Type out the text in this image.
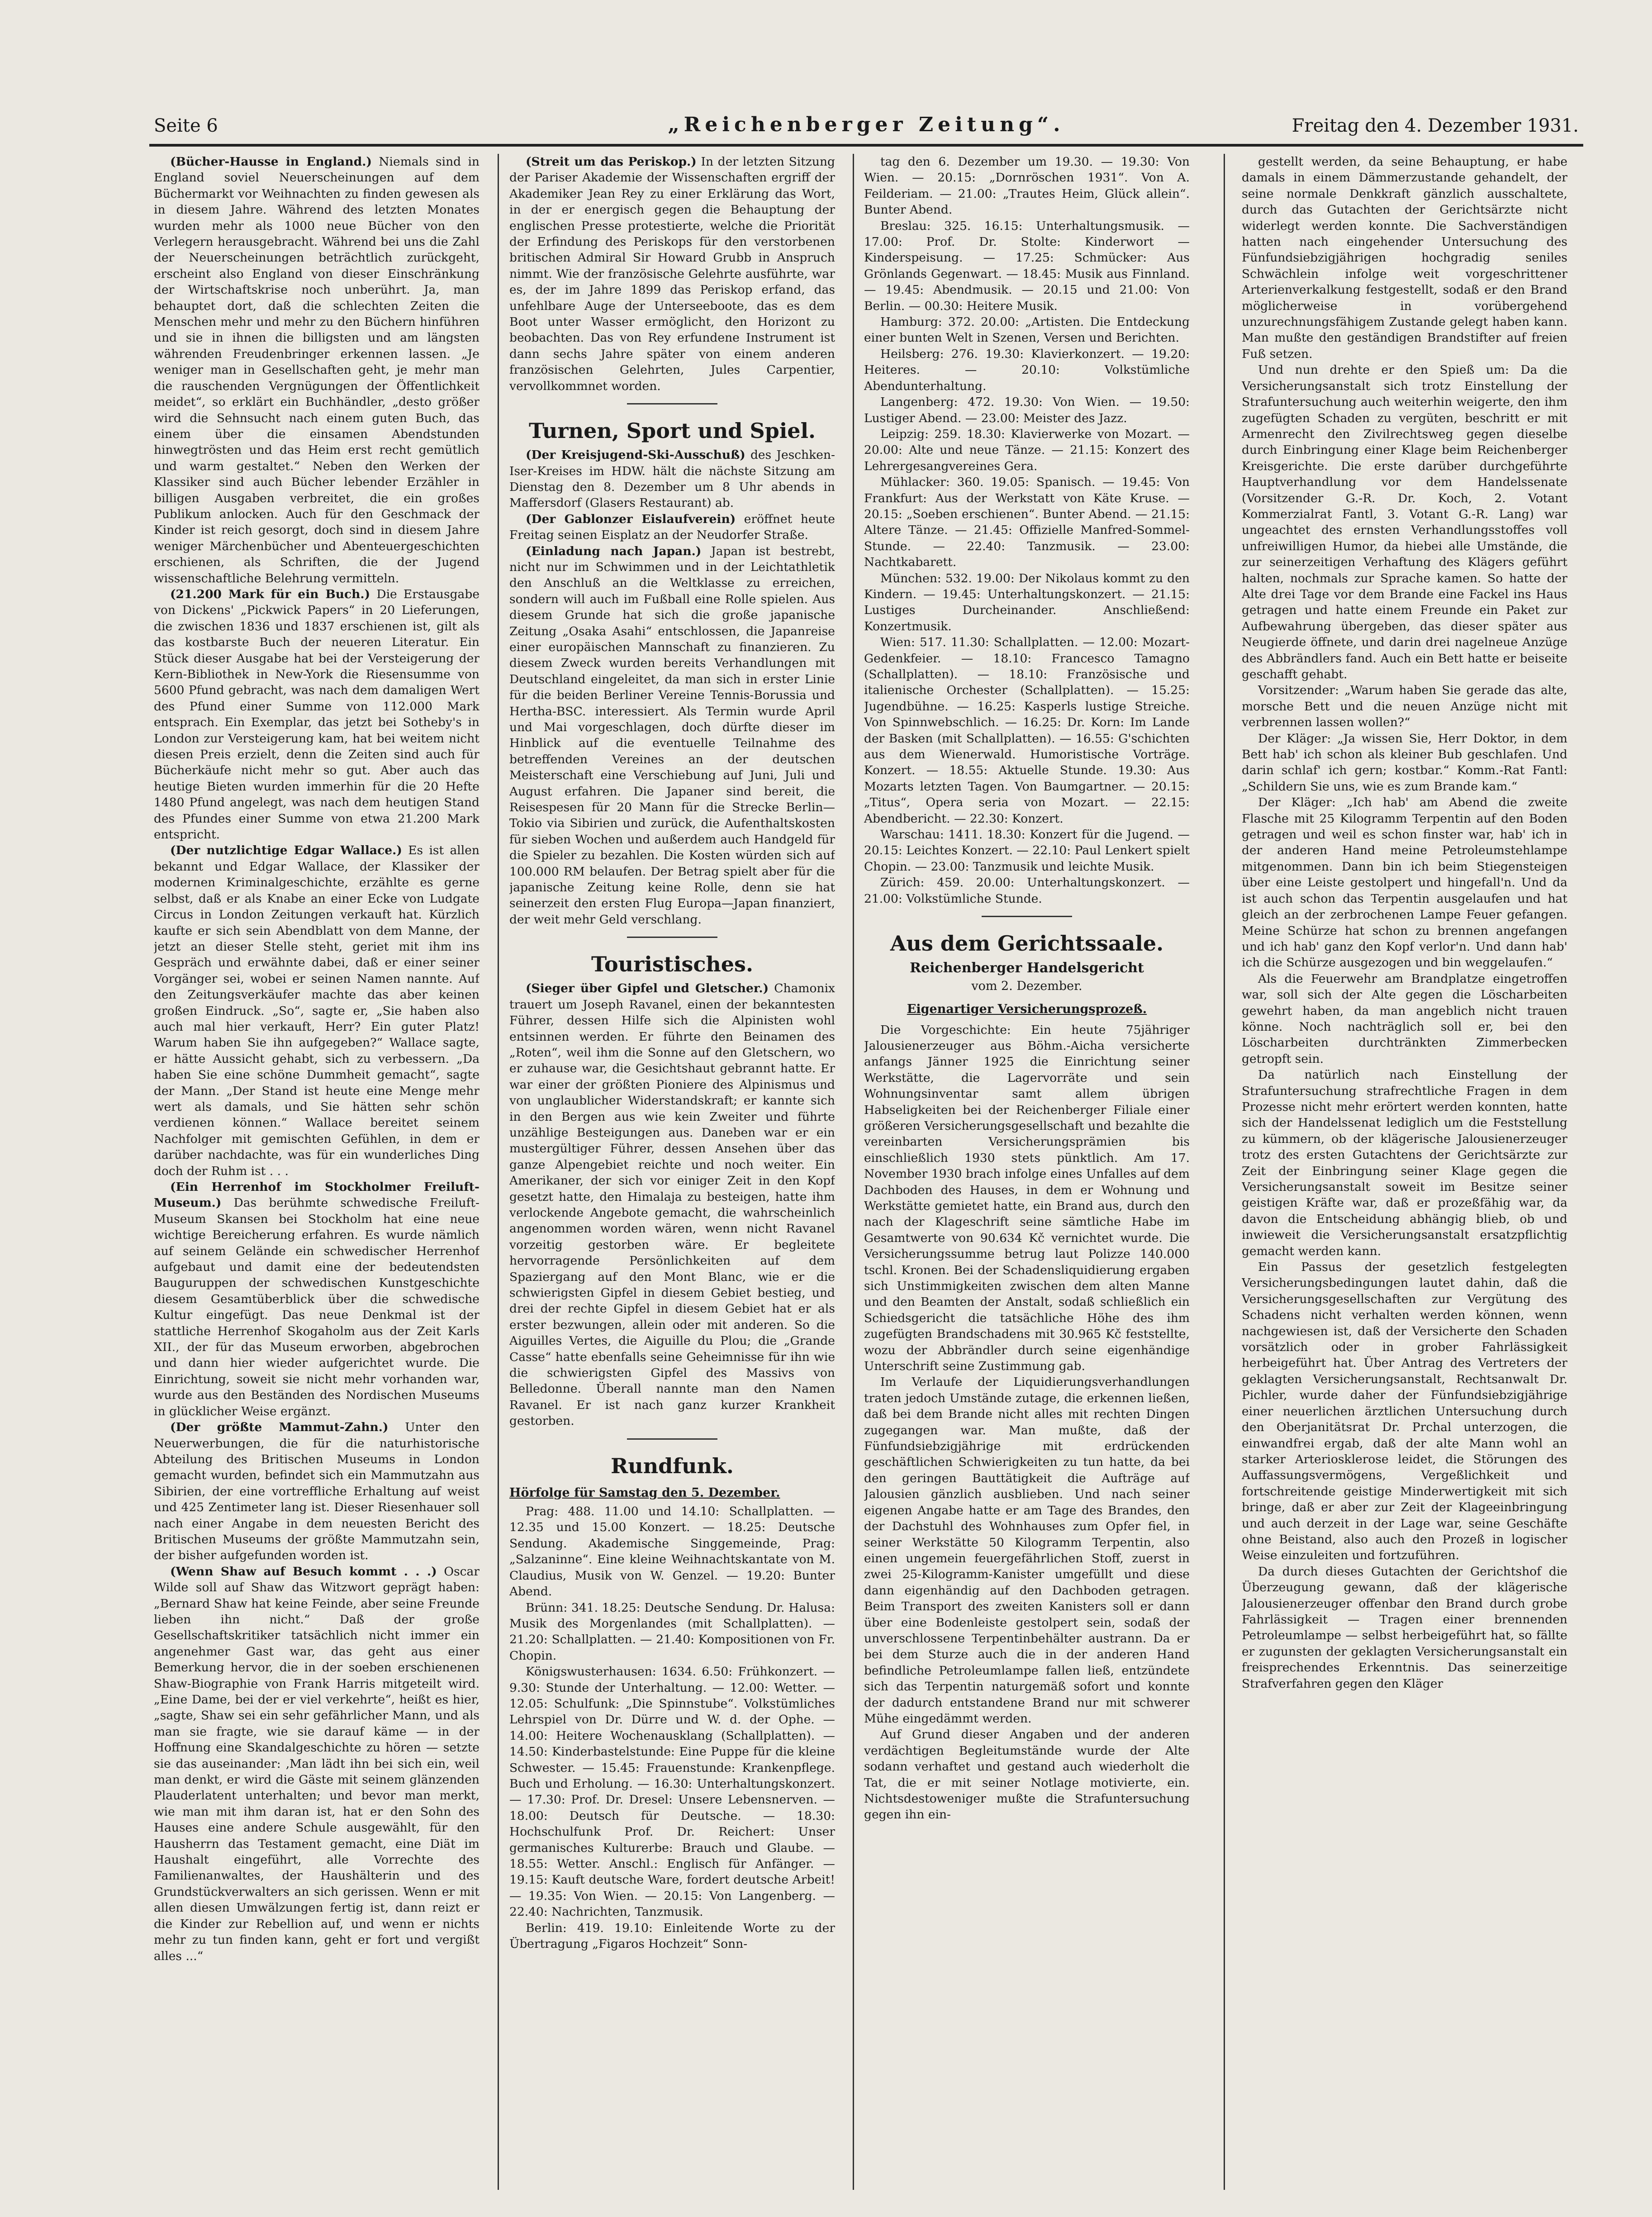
Seite 6	„Reichenberger Zeitung“.	Freitag den 4. Dezember 1931.

(Bücher-Hausse in England.) Niemals sind in England soviel Neuerscheinungen auf dem Büchermarkt vor Weihnachten zu finden gewesen als in diesem Jahre. Während des letzten Monates wurden mehr als 1000 neue Bücher von den Verlegern herausgebracht. Während bei uns die Zahl der Neuerscheinungen beträchtlich zurückgeht, erscheint also England von dieser Einschränkung der Wirtschaftskrise noch unberührt. Ja, man behauptet dort, daß die schlechten Zeiten die Menschen mehr und mehr zu den Büchern hinführen und sie in ihnen die billigsten und am längsten währenden Freudenbringer erkennen lassen. „Je weniger man in Gesellschaften geht, je mehr man die rauschenden Vergnügungen der Öffentlichkeit meidet“, so erklärt ein Buchhändler, „desto größer wird die Sehnsucht nach einem guten Buch, das einem über die einsamen Abendstunden hinwegtrösten und das Heim erst recht gemütlich und warm gestaltet.“ Neben den Werken der Klassiker sind auch Bücher lebender Erzähler in billigen Ausgaben verbreitet, die ein großes Publikum anlocken. Auch für den Geschmack der Kinder ist reich gesorgt, doch sind in diesem Jahre weniger Märchenbücher und Abenteuergeschichten erschienen, als Schriften, die der Jugend wissenschaftliche Belehrung vermitteln.

(21.200 Mark für ein Buch.) Die Erstausgabe von Dickens' „Pickwick Papers“ in 20 Lieferungen, die zwischen 1836 und 1837 erschienen ist, gilt als das kostbarste Buch der neueren Literatur. Ein Stück dieser Ausgabe hat bei der Versteigerung der Kern-Bibliothek in New-York die Riesensumme von 5600 Pfund gebracht, was nach dem damaligen Wert des Pfund einer Summe von 112.000 Mark entsprach. Ein Exemplar, das jetzt bei Sotheby's in London zur Versteigerung kam, hat bei weitem nicht diesen Preis erzielt, denn die Zeiten sind auch für Bücherkäufe nicht mehr so gut. Aber auch das heutige Bieten wurden immerhin für die 20 Hefte 1480 Pfund angelegt, was nach dem heutigen Stand des Pfundes einer Summe von etwa 21.200 Mark entspricht.

(Der nutzlichtige Edgar Wallace.) Es ist allen bekannt und Edgar Wallace, der Klassiker der modernen Kriminalgeschichte, erzählte es gerne selbst, daß er als Knabe an einer Ecke von Ludgate Circus in London Zeitungen verkauft hat. Kürzlich kaufte er sich sein Abendblatt von dem Manne, der jetzt an dieser Stelle steht, geriet mit ihm ins Gespräch und erwähnte dabei, daß er einer seiner Vorgänger sei, wobei er seinen Namen nannte. Auf den Zeitungsverkäufer machte das aber keinen großen Eindruck. „So“, sagte er, „Sie haben also auch mal hier verkauft, Herr? Ein guter Platz! Warum haben Sie ihn aufgegeben?“ Wallace sagte, er hätte Aussicht gehabt, sich zu verbessern. „Da haben Sie eine schöne Dummheit gemacht“, sagte der Mann. „Der Stand ist heute eine Menge mehr wert als damals, und Sie hätten sehr schön verdienen können.“ Wallace bereitet seinem Nachfolger mit gemischten Gefühlen, in dem er darüber nachdachte, was für ein wunderliches Ding doch der Ruhm ist . . .

(Ein Herrenhof im Stockholmer Freiluft-Museum.) Das berühmte schwedische Freiluft-Museum Skansen bei Stockholm hat eine neue wichtige Bereicherung erfahren. Es wurde nämlich auf seinem Gelände ein schwedischer Herrenhof aufgebaut und damit eine der bedeutendsten Bauguruppen der schwedischen Kunstgeschichte diesem Gesamtüberblick über die schwedische Kultur eingefügt. Das neue Denkmal ist der stattliche Herrenhof Skogaholm aus der Zeit Karls XII., der für das Museum erworben, abgebrochen und dann hier wieder aufgerichtet wurde. Die Einrichtung, soweit sie nicht mehr vorhanden war, wurde aus den Beständen des Nordischen Museums in glücklicher Weise ergänzt.

(Der größte Mammut-Zahn.) Unter den Neuerwerbungen, die für die naturhistorische Abteilung des Britischen Museums in London gemacht wurden, befindet sich ein Mammutzahn aus Sibirien, der eine vortreffliche Erhaltung auf weist und 425 Zentimeter lang ist. Dieser Riesenhauer soll nach einer Angabe in dem neuesten Bericht des Britischen Museums der größte Mammutzahn sein, der bisher aufgefunden worden ist.

(Wenn Shaw auf Besuch kommt . . .) Oscar Wilde soll auf Shaw das Witzwort geprägt haben: „Bernard Shaw hat keine Feinde, aber seine Freunde lieben ihn nicht.“ Daß der große Gesellschaftskritiker tatsächlich nicht immer ein angenehmer Gast war, das geht aus einer Bemerkung hervor, die in der soeben erschienenen Shaw-Biographie von Frank Harris mitgeteilt wird. „Eine Dame, bei der er viel verkehrte“, heißt es hier, „sagte, Shaw sei ein sehr gefährlicher Mann, und als man sie fragte, wie sie darauf käme — in der Hoffnung eine Skandalgeschichte zu hören — setzte sie das auseinander: ‚Man lädt ihn bei sich ein, weil man denkt, er wird die Gäste mit seinem glänzenden Plauderlatent unterhalten; und bevor man merkt, wie man mit ihm daran ist, hat er den Sohn des Hauses eine andere Schule ausgewählt, für den Hausherrn das Testament gemacht, eine Diät im Haushalt eingeführt, alle Vorrechte des Familienanwaltes, der Haushälterin und des Grundstückverwalters an sich gerissen. Wenn er mit allen diesen Umwälzungen fertig ist, dann reizt er die Kinder zur Rebellion auf, und wenn er nichts mehr zu tun finden kann, geht er fort und vergißt alles ...“

(Streit um das Periskop.) In der letzten Sitzung der Pariser Akademie der Wissenschaften ergriff der Akademiker Jean Rey zu einer Erklärung das Wort, in der er energisch gegen die Behauptung der englischen Presse protestierte, welche die Priorität der Erfindung des Periskops für den verstorbenen britischen Admiral Sir Howard Grubb in Anspruch nimmt. Wie der französische Gelehrte ausführte, war es, der im Jahre 1899 das Periskop erfand, das unfehlbare Auge der Unterseeboote, das es dem Boot unter Wasser ermöglicht, den Horizont zu beobachten. Das von Rey erfundene Instrument ist dann sechs Jahre später von einem anderen französischen Gelehrten, Jules Carpentier, vervollkommnet worden.

Turnen, Sport und Spiel.

(Der Kreisjugend-Ski-Ausschuß) des Jeschken-Iser-Kreises im HDW. hält die nächste Sitzung am Dienstag den 8. Dezember um 8 Uhr abends in Maffersdorf (Glasers Restaurant) ab.

(Der Gablonzer Eislaufverein) eröffnet heute Freitag seinen Eisplatz an der Neudorfer Straße.

(Einladung nach Japan.) Japan ist bestrebt, nicht nur im Schwimmen und in der Leichtathletik den Anschluß an die Weltklasse zu erreichen, sondern will auch im Fußball eine Rolle spielen. Aus diesem Grunde hat sich die große japanische Zeitung „Osaka Asahi“ entschlossen, die Japanreise einer europäischen Mannschaft zu finanzieren. Zu diesem Zweck wurden bereits Verhandlungen mit Deutschland eingeleitet, da man sich in erster Linie für die beiden Berliner Vereine Tennis-Borussia und Hertha-BSC. interessiert. Als Termin wurde April und Mai vorgeschlagen, doch dürfte dieser im Hinblick auf die eventuelle Teilnahme des betreffenden Vereines an der deutschen Meisterschaft eine Verschiebung auf Juni, Juli und August erfahren. Die Japaner sind bereit, die Reisespesen für 20 Mann für die Strecke Berlin—Tokio via Sibirien und zurück, die Aufenthaltskosten für sieben Wochen und außerdem auch Handgeld für die Spieler zu bezahlen. Die Kosten würden sich auf 100.000 RM belaufen. Der Betrag spielt aber für die japanische Zeitung keine Rolle, denn sie hat seinerzeit den ersten Flug Europa—Japan finanziert, der weit mehr Geld verschlang.

Touristisches.

(Sieger über Gipfel und Gletscher.) Chamonix trauert um Joseph Ravanel, einen der bekanntesten Führer, dessen Hilfe sich die Alpinisten wohl entsinnen werden. Er führte den Beinamen des „Roten“, weil ihm die Sonne auf den Gletschern, wo er zuhause war, die Gesichtshaut gebrannt hatte. Er war einer der größten Pioniere des Alpinismus und von unglaublicher Widerstandskraft; er kannte sich in den Bergen aus wie kein Zweiter und führte unzählige Besteigungen aus. Daneben war er ein mustergültiger Führer, dessen Ansehen über das ganze Alpengebiet reichte und noch weiter. Ein Amerikaner, der sich vor einiger Zeit in den Kopf gesetzt hatte, den Himalaja zu besteigen, hatte ihm verlockende Angebote gemacht, die wahrscheinlich angenommen worden wären, wenn nicht Ravanel vorzeitig gestorben wäre. Er begleitete hervorragende Persönlichkeiten auf dem Spaziergang auf den Mont Blanc, wie er die schwierigsten Gipfel in diesem Gebiet bestieg, und drei der rechte Gipfel in diesem Gebiet hat er als erster bezwungen, allein oder mit anderen. So die Aiguilles Vertes, die Aiguille du Plou; die „Grande Casse“ hatte ebenfalls seine Geheimnisse für ihn wie die schwierigsten Gipfel des Massivs von Belledonne. Überall nannte man den Namen Ravanel. Er ist nach ganz kurzer Krankheit gestorben.

Rundfunk.

Hörfolge für Samstag den 5. Dezember.

Prag: 488. 11.00 und 14.10: Schallplatten. — 12.35 und 15.00 Konzert. — 18.25: Deutsche Sendung. Akademische Singgemeinde, Prag: „Salzaninne“. Eine kleine Weihnachtskantate von M. Claudius, Musik von W. Genzel. — 19.20: Bunter Abend.

Brünn: 341. 18.25: Deutsche Sendung. Dr. Halusa: Musik des Morgenlandes (mit Schallplatten). — 21.20: Schallplatten. — 21.40: Kompositionen von Fr. Chopin.

Königswusterhausen: 1634. 6.50: Frühkonzert. — 9.30: Stunde der Unterhaltung. — 12.00: Wetter. — 12.05: Schulfunk: „Die Spinnstube“. Volkstümliches Lehrspiel von Dr. Dürre und W. d. der Ophe. — 14.00: Heitere Wochenausklang (Schallplatten). — 14.50: Kinderbastelstunde: Eine Puppe für die kleine Schwester. — 15.45: Frauenstunde: Krankenpflege. Buch und Erholung. — 16.30: Unterhaltungskonzert. — 17.30: Prof. Dr. Dresel: Unsere Lebensnerven. — 18.00: Deutsch für Deutsche. — 18.30: Hochschulfunk Prof. Dr. Reichert: Unser germanisches Kulturerbe: Brauch und Glaube. — 18.55: Wetter. Anschl.: Englisch für Anfänger. — 19.15: Kauft deutsche Ware, fordert deutsche Arbeit! — 19.35: Von Wien. — 20.15: Von Langenberg. — 22.40: Nachrichten, Tanzmusik.

Berlin: 419. 19.10: Einleitende Worte zu der Übertragung „Figaros Hochzeit“ Sonn-

tag den 6. Dezember um 19.30. — 19.30: Von Wien. — 20.15: „Dornröschen 1931“. Von A. Feilderiam. — 21.00: „Trautes Heim, Glück allein“. Bunter Abend.

Breslau: 325. 16.15: Unterhaltungsmusik. — 17.00: Prof. Dr. Stolte: Kinderwort — Kinderspeisung. — 17.25: Schmücker: Aus Grönlands Gegenwart. — 18.45: Musik aus Finnland. — 19.45: Abendmusik. — 20.15 und 21.00: Von Berlin. — 00.30: Heitere Musik.

Hamburg: 372. 20.00: „Artisten. Die Entdeckung einer bunten Welt in Szenen, Versen und Berichten.

Heilsberg: 276. 19.30: Klavierkonzert. — 19.20: Heiteres. — 20.10: Volkstümliche Abendunterhaltung.

Langenberg: 472. 19.30: Von Wien. — 19.50: Lustiger Abend. — 23.00: Meister des Jazz.

Leipzig: 259. 18.30: Klavierwerke von Mozart. — 20.00: Alte und neue Tänze. — 21.15: Konzert des Lehrergesangvereines Gera.

Mühlacker: 360. 19.05: Spanisch. — 19.45: Von Frankfurt: Aus der Werkstatt von Käte Kruse. — 20.15: „Soeben erschienen“. Bunter Abend. — 21.15: Altere Tänze. — 21.45: Offizielle Manfred-Sommel-Stunde. — 22.40: Tanzmusik. — 23.00: Nachtkabarett.

München: 532. 19.00: Der Nikolaus kommt zu den Kindern. — 19.45: Unterhaltungskonzert. — 21.15: Lustiges Durcheinander. Anschließend: Konzertmusik.

Wien: 517. 11.30: Schallplatten. — 12.00: Mozart-Gedenkfeier. — 18.10: Francesco Tamagno (Schallplatten). — 18.10: Französische und italienische Orchester (Schallplatten). — 15.25: Jugendbühne. — 16.25: Kasperls lustige Streiche. Von Spinnwebschlich. — 16.25: Dr. Korn: Im Lande der Basken (mit Schallplatten). — 16.55: G'schichten aus dem Wienerwald. Humoristische Vorträge. Konzert. — 18.55: Aktuelle Stunde. 19.30: Aus Mozarts letzten Tagen. Von Baumgartner. — 20.15: „Titus“, Opera seria von Mozart. — 22.15: Abendbericht. — 22.30: Konzert.

Warschau: 1411. 18.30: Konzert für die Jugend. — 20.15: Leichtes Konzert. — 22.10: Paul Lenkert spielt Chopin. — 23.00: Tanzmusik und leichte Musik.

Zürich: 459. 20.00: Unterhaltungskonzert. — 21.00: Volkstümliche Stunde.

Aus dem Gerichtssaale.
Reichenberger Handelsgericht
vom 2. Dezember.

Eigenartiger Versicherungsprozeß.

Die Vorgeschichte: Ein heute 75jähriger Jalousienerzeuger aus Böhm.-Aicha versicherte anfangs Jänner 1925 die Einrichtung seiner Werkstätte, die Lagervorräte und sein Wohnungsinventar samt allem übrigen Habseligkeiten bei der Reichenberger Filiale einer größeren Versicherungsgesellschaft und bezahlte die vereinbarten Versicherungsprämien bis einschließlich 1930 stets pünktlich. Am 17. November 1930 brach infolge eines Unfalles auf dem Dachboden des Hauses, in dem er Wohnung und Werkstätte gemietet hatte, ein Brand aus, durch den nach der Klageschrift seine sämtliche Habe im Gesamtwerte von 90.634 Kč vernichtet wurde. Die Versicherungssumme betrug laut Polizze 140.000 tschl. Kronen. Bei der Schadensliquidierung ergaben sich Unstimmigkeiten zwischen dem alten Manne und den Beamten der Anstalt, sodaß schließlich ein Schiedsgericht die tatsächliche Höhe des ihm zugefügten Brandschadens mit 30.965 Kč feststellte, wozu der Abbrändler durch seine eigenhändige Unterschrift seine Zustimmung gab.

Im Verlaufe der Liquidierungsverhandlungen traten jedoch Umstände zutage, die erkennen ließen, daß bei dem Brande nicht alles mit rechten Dingen zugegangen war. Man mußte, daß der Fünfundsiebzigjährige mit erdrückenden geschäftlichen Schwierigkeiten zu tun hatte, da bei den geringen Bauttätigkeit die Aufträge auf Jalousien gänzlich ausblieben. Und nach seiner eigenen Angabe hatte er am Tage des Brandes, den der Dachstuhl des Wohnhauses zum Opfer fiel, in seiner Werkstätte 50 Kilogramm Terpentin, also einen ungemein feuergefährlichen Stoff, zuerst in zwei 25-Kilogramm-Kanister umgefüllt und diese dann eigenhändig auf den Dachboden getragen. Beim Transport des zweiten Kanisters soll er dann über eine Bodenleiste gestolpert sein, sodaß der unverschlossene Terpentinbehälter austrann. Da er bei dem Sturze auch die in der anderen Hand befindliche Petroleumlampe fallen ließ, entzündete sich das Terpentin naturgemäß sofort und konnte der dadurch entstandene Brand nur mit schwerer Mühe eingedämmt werden.

Auf Grund dieser Angaben und der anderen verdächtigen Begleitumstände wurde der Alte sodann verhaftet und gestand auch wiederholt die Tat, die er mit seiner Notlage motivierte, ein. Nichtsdestoweniger mußte die Strafuntersuchung gegen ihn ein-

gestellt werden, da seine Behauptung, er habe damals in einem Dämmerzustande gehandelt, der seine normale Denkkraft gänzlich ausschaltete, durch das Gutachten der Gerichtsärzte nicht widerlegt werden konnte. Die Sachverständigen hatten nach eingehender Untersuchung des Fünfundsiebzigjährigen hochgradig seniles Schwächlein infolge weit vorgeschrittener Arterienverkalkung festgestellt, sodaß er den Brand möglicherweise in vorübergehend unzurechnungsfähigem Zustande gelegt haben kann. Man mußte den geständigen Brandstifter auf freien Fuß setzen.

Und nun drehte er den Spieß um: Da die Versicherungsanstalt sich trotz Einstellung der Strafuntersuchung auch weiterhin weigerte, den ihm zugefügten Schaden zu vergüten, beschritt er mit Armenrecht den Zivilrechtsweg gegen dieselbe durch Einbringung einer Klage beim Reichenberger Kreisgerichte. Die erste darüber durchgeführte Hauptverhandlung vor dem Handelssenate (Vorsitzender G.-R. Dr. Koch, 2. Votant Kommerzialrat Fantl, 3. Votant G.-R. Lang) war ungeachtet des ernsten Verhandlungsstoffes voll unfreiwilligen Humor, da hiebei alle Umstände, die zur seinerzeitigen Verhaftung des Klägers geführt halten, nochmals zur Sprache kamen. So hatte der Alte drei Tage vor dem Brande eine Fackel ins Haus getragen und hatte einem Freunde ein Paket zur Aufbewahrung übergeben, das dieser später aus Neugierde öffnete, und darin drei nagelneue Anzüge des Abbrändlers fand. Auch ein Bett hatte er beiseite geschafft gehabt.

Vorsitzender: „Warum haben Sie gerade das alte, morsche Bett und die neuen Anzüge nicht mit verbrennen lassen wollen?“

Der Kläger: „Ja wissen Sie, Herr Doktor, in dem Bett hab' ich schon als kleiner Bub geschlafen. Und darin schlaf' ich gern; kostbar.“ Komm.-Rat Fantl: „Schildern Sie uns, wie es zum Brande kam.“

Der Kläger: „Ich hab' am Abend die zweite Flasche mit 25 Kilogramm Terpentin auf den Boden getragen und weil es schon finster war, hab' ich in der anderen Hand meine Petroleumstehlampe mitgenommen. Dann bin ich beim Stiegensteigen über eine Leiste gestolpert und hingefall'n. Und da ist auch schon das Terpentin ausgelaufen und hat gleich an der zerbrochenen Lampe Feuer gefangen. Meine Schürze hat schon zu brennen angefangen und ich hab' ganz den Kopf verlor'n. Und dann hab' ich die Schürze ausgezogen und bin weggelaufen.“

Als die Feuerwehr am Brandplatze eingetroffen war, soll sich der Alte gegen die Löscharbeiten gewehrt haben, da man angeblich nicht trauen könne. Noch nachträglich soll er, bei den Löscharbeiten durchtränkten Zimmerbecken getropft sein.

Da natürlich nach Einstellung der Strafuntersuchung strafrechtliche Fragen in dem Prozesse nicht mehr erörtert werden konnten, hatte sich der Handelssenat lediglich um die Feststellung zu kümmern, ob der klägerische Jalousienerzeuger trotz des ersten Gutachtens der Gerichtsärzte zur Zeit der Einbringung seiner Klage gegen die Versicherungsanstalt soweit im Besitze seiner geistigen Kräfte war, daß er prozeßfähig war, da davon die Entscheidung abhängig blieb, ob und inwieweit die Versicherungsanstalt ersatzpflichtig gemacht werden kann.

Ein Passus der gesetzlich festgelegten Versicherungsbedingungen lautet dahin, daß die Versicherungsgesellschaften zur Vergütung des Schadens nicht verhalten werden können, wenn nachgewiesen ist, daß der Versicherte den Schaden vorsätzlich oder in grober Fahrlässigkeit herbeigeführt hat. Über Antrag des Vertreters der geklagten Versicherungsanstalt, Rechtsanwalt Dr. Pichler, wurde daher der Fünfundsiebzigjährige einer neuerlichen ärztlichen Untersuchung durch den Oberjanitätsrat Dr. Prchal unterzogen, die einwandfrei ergab, daß der alte Mann wohl an starker Arteriosklerose leidet, die Störungen des Auffassungsvermögens, Vergeßlichkeit und fortschreitende geistige Minderwertigkeit mit sich bringe, daß er aber zur Zeit der Klageeinbringung und auch derzeit in der Lage war, seine Geschäfte ohne Beistand, also auch den Prozeß in logischer Weise einzuleiten und fortzuführen.

Da durch dieses Gutachten der Gerichtshof die Überzeugung gewann, daß der klägerische Jalousienerzeuger offenbar den Brand durch grobe Fahrlässigkeit — Tragen einer brennenden Petroleumlampe — selbst herbeigeführt hat, so fällte er zugunsten der geklagten Versicherungsanstalt ein freisprechendes Erkenntnis. Das seinerzeitige Strafverfahren gegen den Kläger
